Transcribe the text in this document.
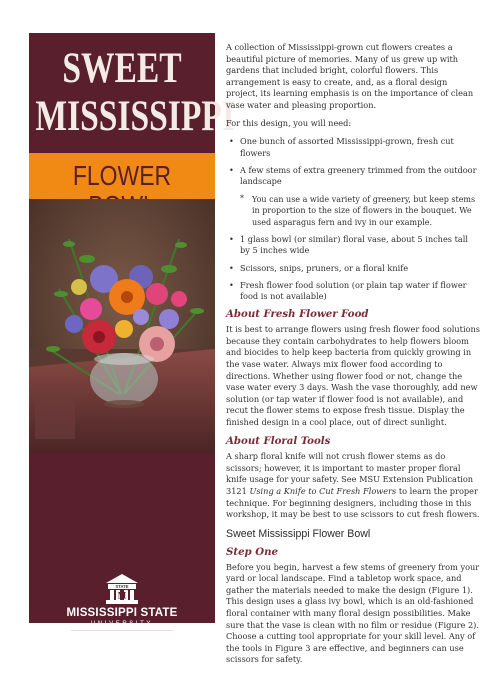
SWEET
MISSISSIPPI
FLOWER
STATE
M
MISSISSIPPI STATE
UNIVERSITY
EXTENSION

A collection of Mississippi-grown cut flowers creates a beautiful picture of memories. Many of us grew up with gardens that included bright, colorful flowers. This arrangement is easy to create, and, as a floral design project, its learning emphasis is on the importance of clean vase water and pleasing proportion.

For this design, you will need:

• One bunch of assorted Mississippi-grown, fresh cut flowers
• A few stems of extra greenery trimmed from the outdoor landscape
* You can use a wide variety of greenery, but keep stems in proportion to the size of flowers in the bouquet. We used asparagus fern and ivy in our example.
• 1 glass bowl (or similar) floral vase, about 5 inches tall by 5 inches wide
• Scissors, snips, pruners, or a floral knife
• Fresh flower food solution (or plain tap water if flower food is not available)
About Fresh Flower Food

It is best to arrange flowers using fresh flower food solutions because they contain carbohydrates to help flowers bloom and biocides to help keep bacteria from quickly growing in the vase water. Always mix flower food according to directions. Whether using flower food or not, change the vase water every 3 days. Wash the vase thoroughly, add new solution (or tap water if flower food is not available), and recut the flower stems to expose fresh tissue. Display the finished design in a cool place, out of direct sunlight.

About Floral Tools

A sharp floral knife will not crush flower stems as do scissors; however, it is important to master proper floral knife usage for your safety. See MSU Extension Publication 3121 Using a Knife to Cut Fresh Flowers to learn the proper technique. For beginning designers, including those in this workshop, it may be best to use scissors to cut fresh flowers.

Sweet Mississippi Flower Bowl
Step One

Before you begin, harvest a few stems of greenery from your yard or local landscape. Find a tabletop work space, and gather the materials needed to make the design (Figure 1). This design uses a glass ivy bowl, which is an old-fashioned floral container with many floral design possibilities. Make sure that the vase is clean with no film or residue (Figure 2). Choose a cutting tool appropriate for your skill level. Any of the tools in Figure 3 are effective, and beginners can use scissors for safety.
